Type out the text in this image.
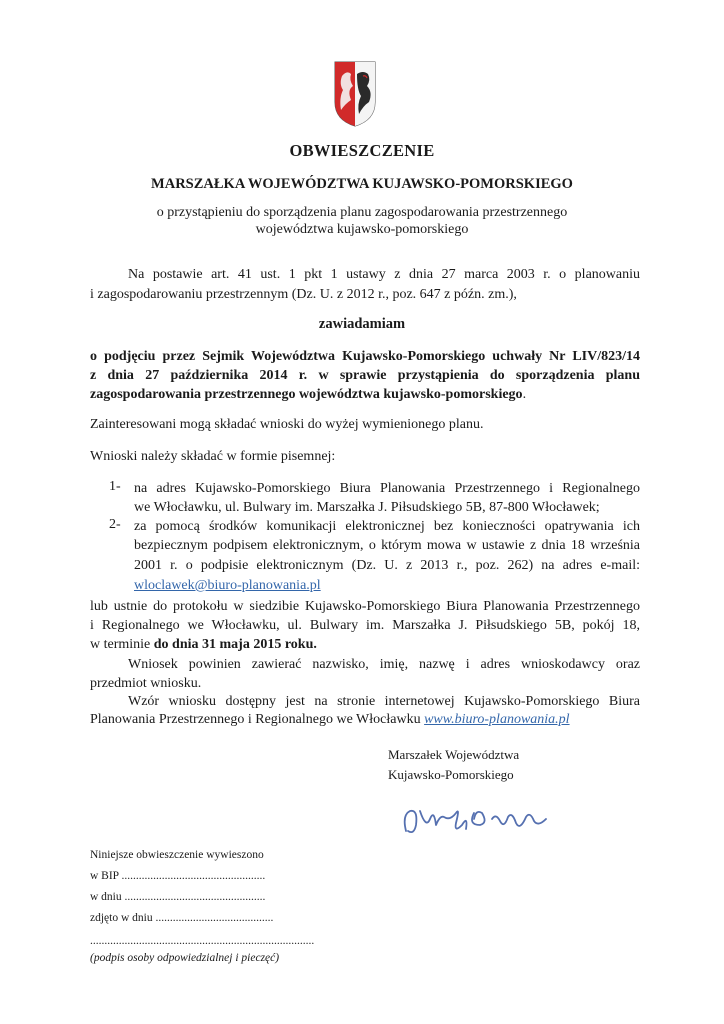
OBWIESZCZENIE
MARSZAŁKA WOJEWÓDZTWA KUJAWSKO-POMORSKIEGO
o przystąpieniu do sporządzenia planu zagospodarowania przestrzennego
województwa kujawsko-pomorskiego
Na postawie art. 41 ust. 1 pkt 1 ustawy z dnia 27 marca 2003 r. o planowaniu
i zagospodarowaniu przestrzennym (Dz. U. z 2012 r., poz. 647 z późn. zm.),
zawiadamiam
o podjęciu przez Sejmik Województwa Kujawsko-Pomorskiego uchwały Nr LIV/823/14
z dnia 27 października 2014 r. w sprawie przystąpienia do sporządzenia planu
zagospodarowania przestrzennego województwa kujawsko-pomorskiego.
Zainteresowani mogą składać wnioski do wyżej wymienionego planu.
Wnioski należy składać w formie pisemnej:
1- na adres Kujawsko-Pomorskiego Biura Planowania Przestrzennego i Regionalnego
we Włocławku, ul. Bulwary im. Marszałka J. Piłsudskiego 5B, 87-800 Włocławek;
2- za pomocą środków komunikacji elektronicznej bez konieczności opatrywania ich
bezpiecznym podpisem elektronicznym, o którym mowa w ustawie z dnia 18 września
2001 r. o podpisie elektronicznym (Dz. U. z 2013 r., poz. 262) na adres e-mail:
wloclawek@biuro-planowania.pl
lub ustnie do protokołu w siedzibie Kujawsko-Pomorskiego Biura Planowania Przestrzennego
i Regionalnego we Włocławku, ul. Bulwary im. Marszałka J. Piłsudskiego 5B, pokój 18,
w terminie do dnia 31 maja 2015 roku.
Wniosek powinien zawierać nazwisko, imię, nazwę i adres wnioskodawcy oraz
przedmiot wniosku.
Wzór wniosku dostępny jest na stronie internetowej Kujawsko-Pomorskiego Biura
Planowania Przestrzennego i Regionalnego we Włocławku www.biuro-planowania.pl
Marszałek Województwa
Kujawsko-Pomorskiego
Niniejsze obwieszczenie wywieszono
w BIP ..................................................
w dniu .................................................
zdjęto w dniu .........................................
..............................................................................
(podpis osoby odpowiedzialnej i pieczęć)
